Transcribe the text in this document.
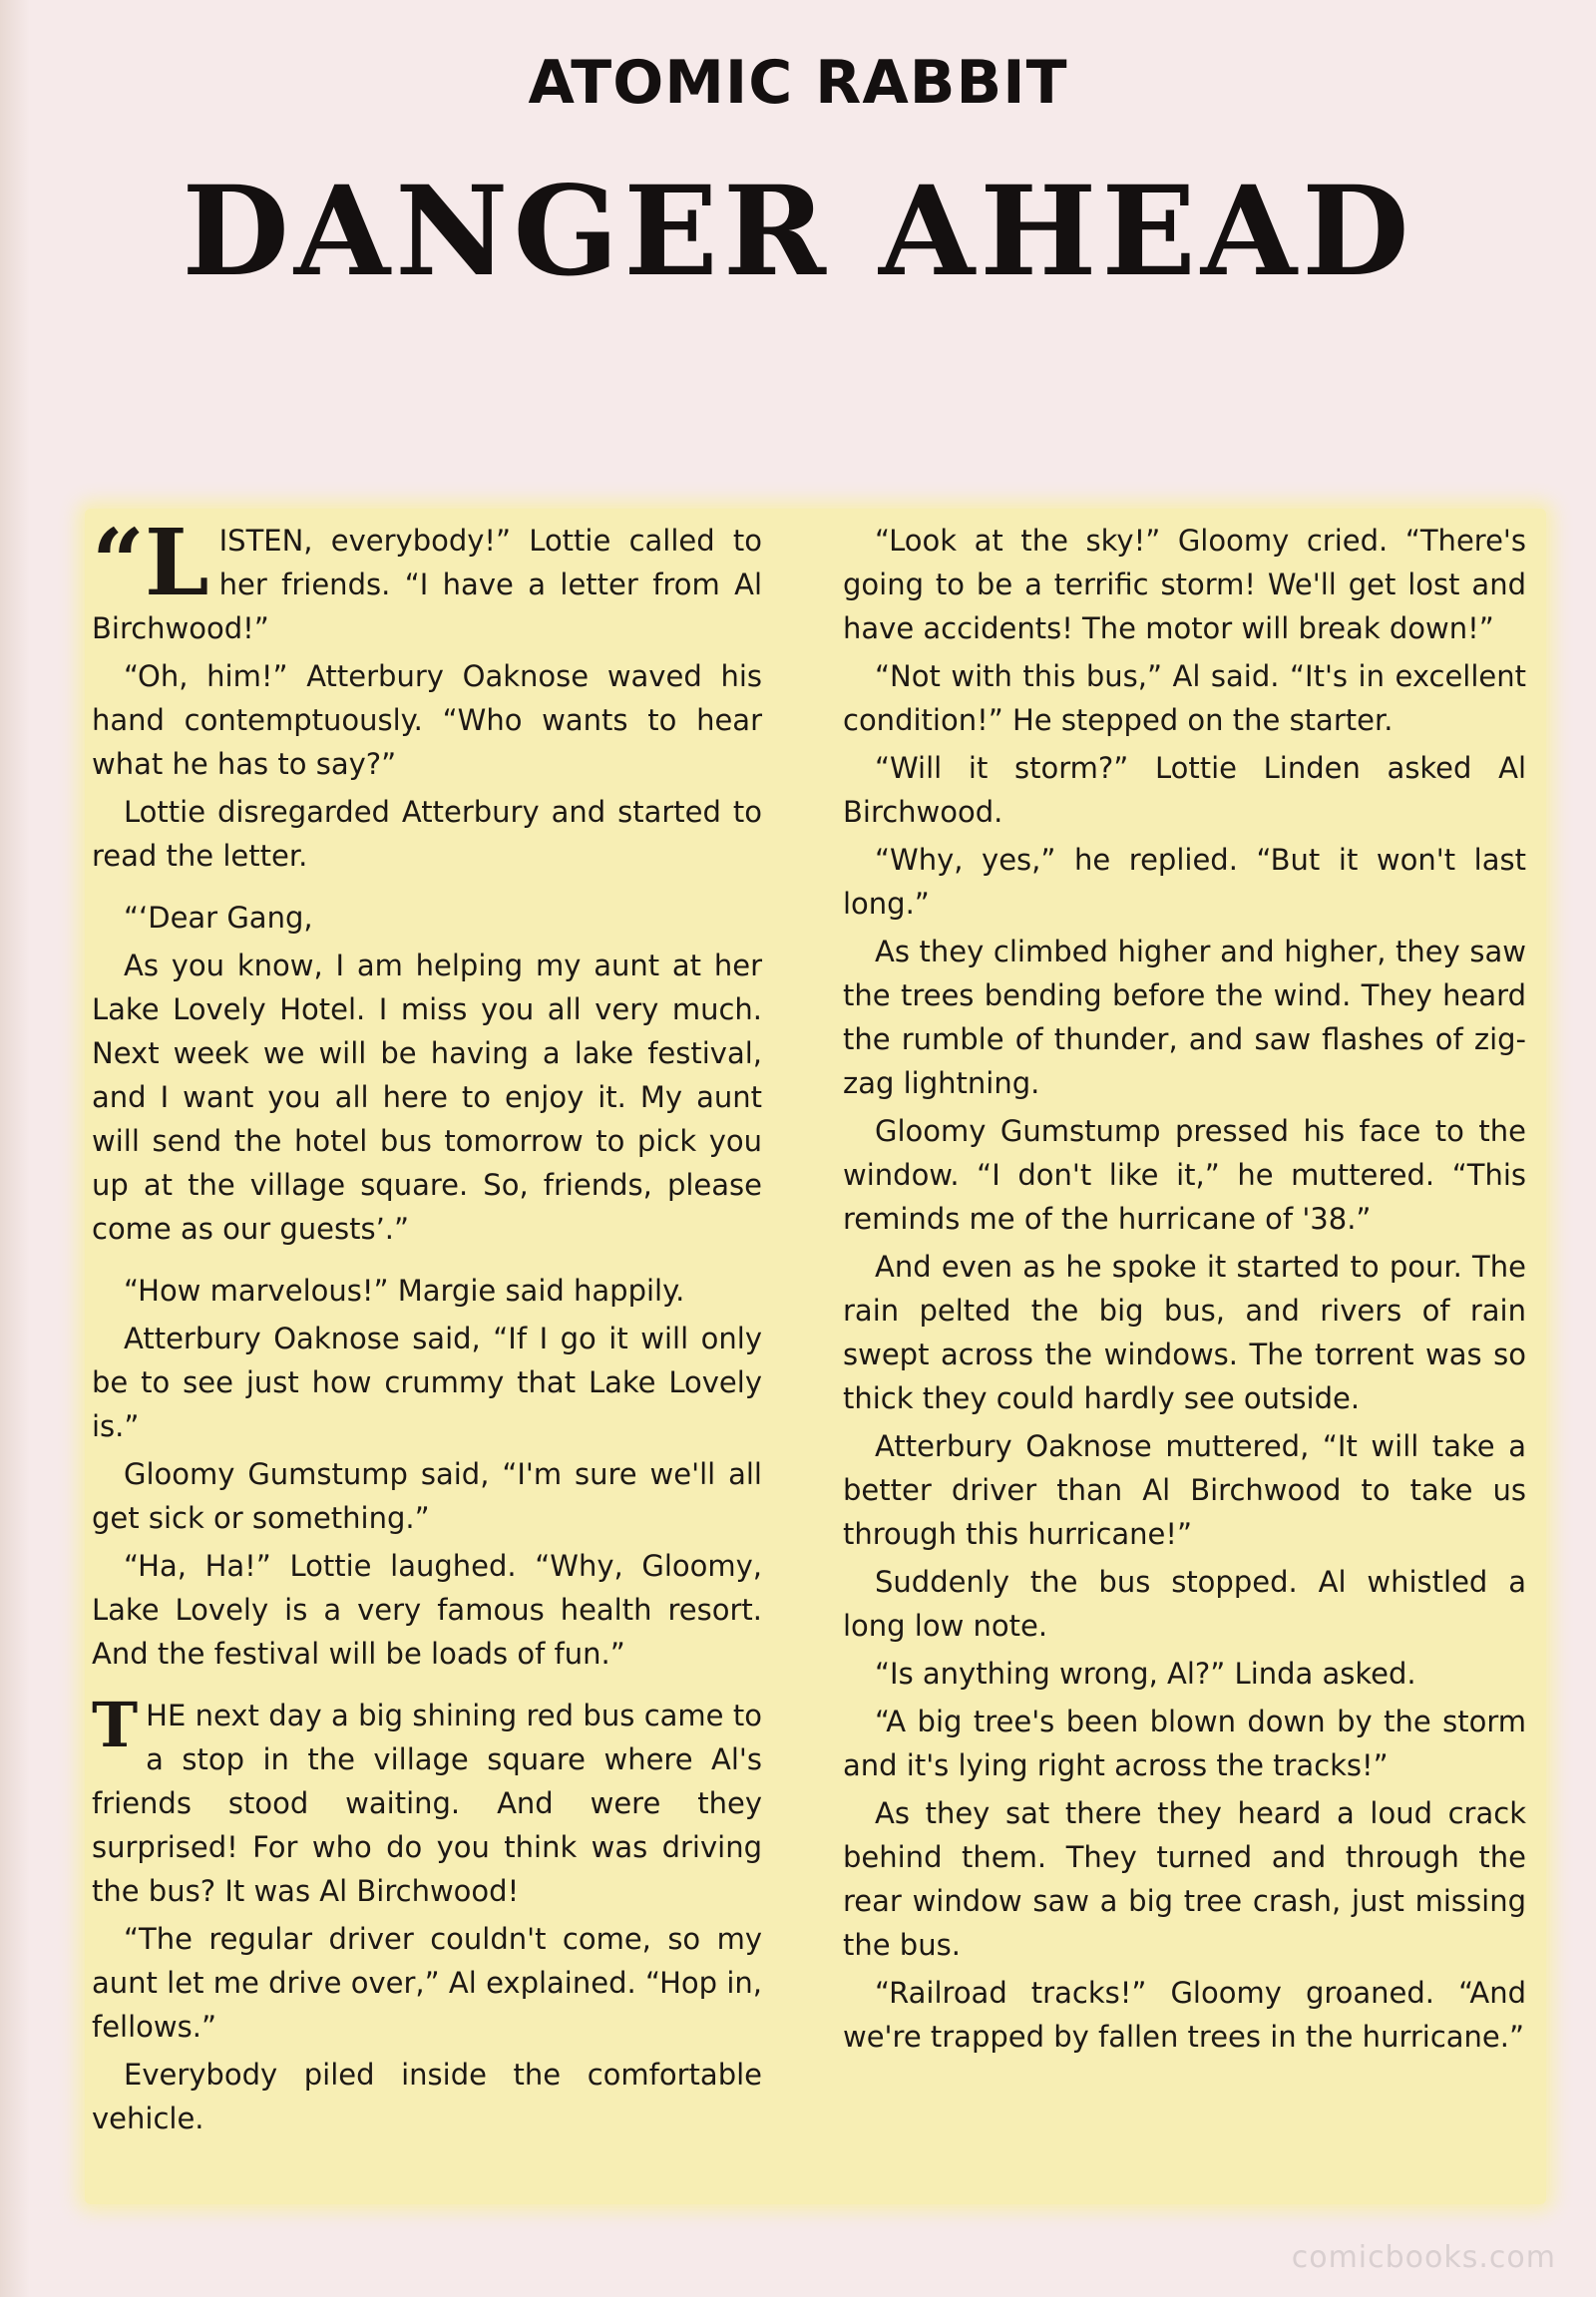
ATOMIC RABBIT
DANGER AHEAD

“LISTEN, everybody!” Lottie called to her friends. “I have a letter from Al Birchwood!”

“Oh, him!” Atterbury Oaknose waved his hand contemptuously. “Who wants to hear what he has to say?”

Lottie disregarded Atterbury and started to read the letter.

“‘Dear Gang,

As you know, I am helping my aunt at her Lake Lovely Hotel. I miss you all very much. Next week we will be having a lake festival, and I want you all here to enjoy it. My aunt will send the hotel bus tomorrow to pick you up at the village square. So, friends, please come as our guests’.”

“How marvelous!” Margie said happily.

Atterbury Oaknose said, “If I go it will only be to see just how crummy that Lake Lovely is.”

Gloomy Gumstump said, “I'm sure we'll all get sick or something.”

“Ha, Ha!” Lottie laughed. “Why, Gloomy, Lake Lovely is a very famous health resort. And the festival will be loads of fun.”

THE next day a big shining red bus came to a stop in the village square where Al's friends stood waiting. And were they surprised! For who do you think was driving the bus? It was Al Birchwood!

“The regular driver couldn't come, so my aunt let me drive over,” Al explained. “Hop in, fellows.”

Everybody piled inside the comfortable vehicle.

“Look at the sky!” Gloomy cried. “There's going to be a terrific storm! We'll get lost and have accidents! The motor will break down!”

“Not with this bus,” Al said. “It's in excellent condition!” He stepped on the starter.

“Will it storm?” Lottie Linden asked Al Birchwood.

“Why, yes,” he replied. “But it won't last long.”

As they climbed higher and higher, they saw the trees bending before the wind. They heard the rumble of thunder, and saw flashes of zig-zag lightning.

Gloomy Gumstump pressed his face to the window. “I don't like it,” he muttered. “This reminds me of the hurricane of '38.”

And even as he spoke it started to pour. The rain pelted the big bus, and rivers of rain swept across the windows. The torrent was so thick they could hardly see outside.

Atterbury Oaknose muttered, “It will take a better driver than Al Birchwood to take us through this hurricane!”

Suddenly the bus stopped. Al whistled a long low note.

“Is anything wrong, Al?” Linda asked.

“A big tree's been blown down by the storm and it's lying right across the tracks!”

As they sat there they heard a loud crack behind them. They turned and through the rear window saw a big tree crash, just missing the bus.

“Railroad tracks!” Gloomy groaned. “And we're trapped by fallen trees in the hurricane.”

comicbooks.com
